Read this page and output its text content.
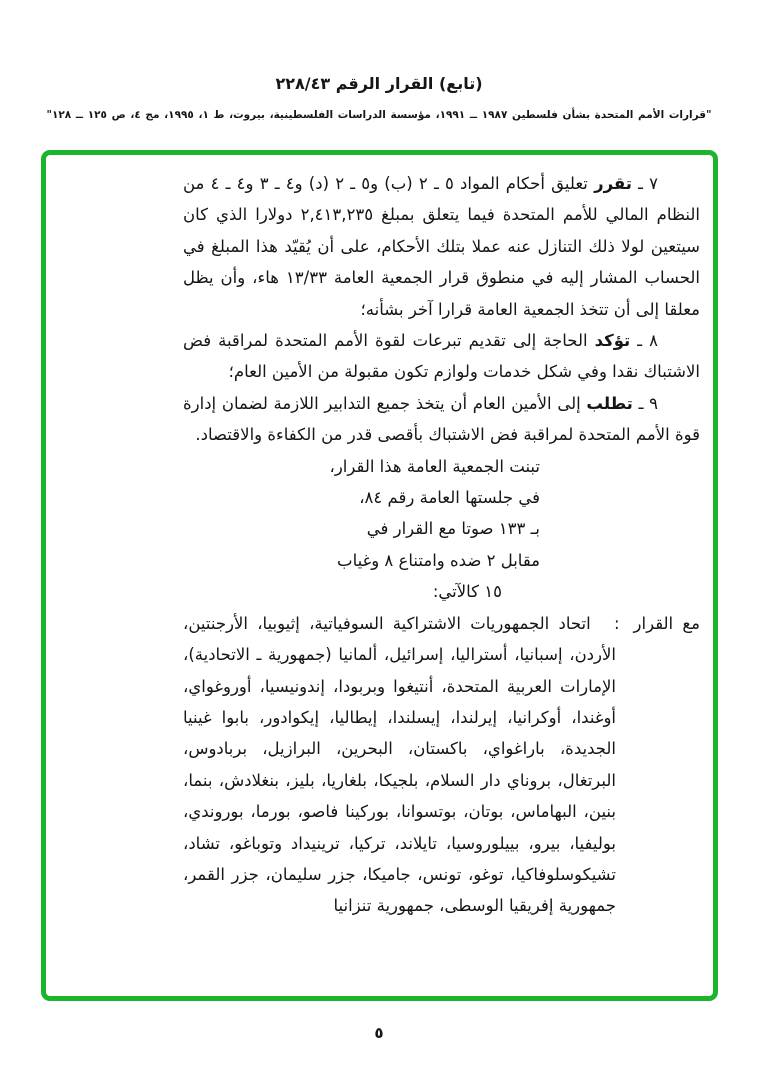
(تابع) القرار الرقم ٢٢٨/٤٣
"قرارات الأمم المتحدة بشأن فلسطين ١٩٨٧ ــ ١٩٩١، مؤسسة الدراسات الفلسطينية، بيروت، ط ١، ١٩٩٥، مج ٤، ص ١٢٥ ــ ١٢٨"

٧ ـ تقرر تعليق أحكام المواد ٥ ـ ٢ (ب) و٥ ـ ٢ (د) و٤ ـ ٣ و٤ ـ ٤ من النظام المالي للأمم المتحدة فيما يتعلق بمبلغ ٢,٤١٣,٢٣٥ دولارا الذي كان سيتعين لولا ذلك التنازل عنه عملا بتلك الأحكام، على أن يُقيّد هذا المبلغ في الحساب المشار إليه في منطوق قرار الجمعية العامة ١٣/٣٣ هاء، وأن يظل معلقا إلى أن تتخذ الجمعية العامة قرارا آخر بشأنه؛

٨ ـ تؤكد الحاجة إلى تقديم تبرعات لقوة الأمم المتحدة لمراقبة فض الاشتباك نقدا وفي شكل خدمات ولوازم تكون مقبولة من الأمين العام؛

٩ ـ تطلب إلى الأمين العام أن يتخذ جميع التدابير اللازمة لضمان إدارة قوة الأمم المتحدة لمراقبة فض الاشتباك بأقصى قدر من الكفاءة والاقتصاد.

تبنت الجمعية العامة هذا القرار،
في جلستها العامة رقم ٨٤،
بـ ١٣٣ صوتا مع القرار في
مقابل ٢ ضده وامتناع ٨ وغياب
١٥ كالآتي:

مع القرار: اتحاد الجمهوريات الاشتراكية السوفياتية، إثيوبيا، الأرجنتين، الأردن، إسبانيا، أستراليا، إسرائيل، ألمانيا (جمهورية ـ الاتحادية)، الإمارات العربية المتحدة، أنتيغوا وبربودا، إندونيسيا، أوروغواي، أوغندا، أوكرانيا، إيرلندا، إيسلندا، إيطاليا، إيكوادور، بابوا غينيا الجديدة، باراغواي، باكستان، البحرين، البرازيل، بربادوس، البرتغال، بروناي دار السلام، بلجيكا، بلغاريا، بليز، بنغلادش، بنما، بنين، البهاماس، بوتان، بوتسوانا، بوركينا فاصو، بورما، بوروندي، بوليفيا، بيرو، بييلوروسيا، تايلاند، تركيا، ترينيداد وتوباغو، تشاد، تشيكوسلوفاكيا، توغو، تونس، جاميكا، جزر سليمان، جزر القمر، جمهورية إفريقيا الوسطى، جمهورية تنزانيا

٥
